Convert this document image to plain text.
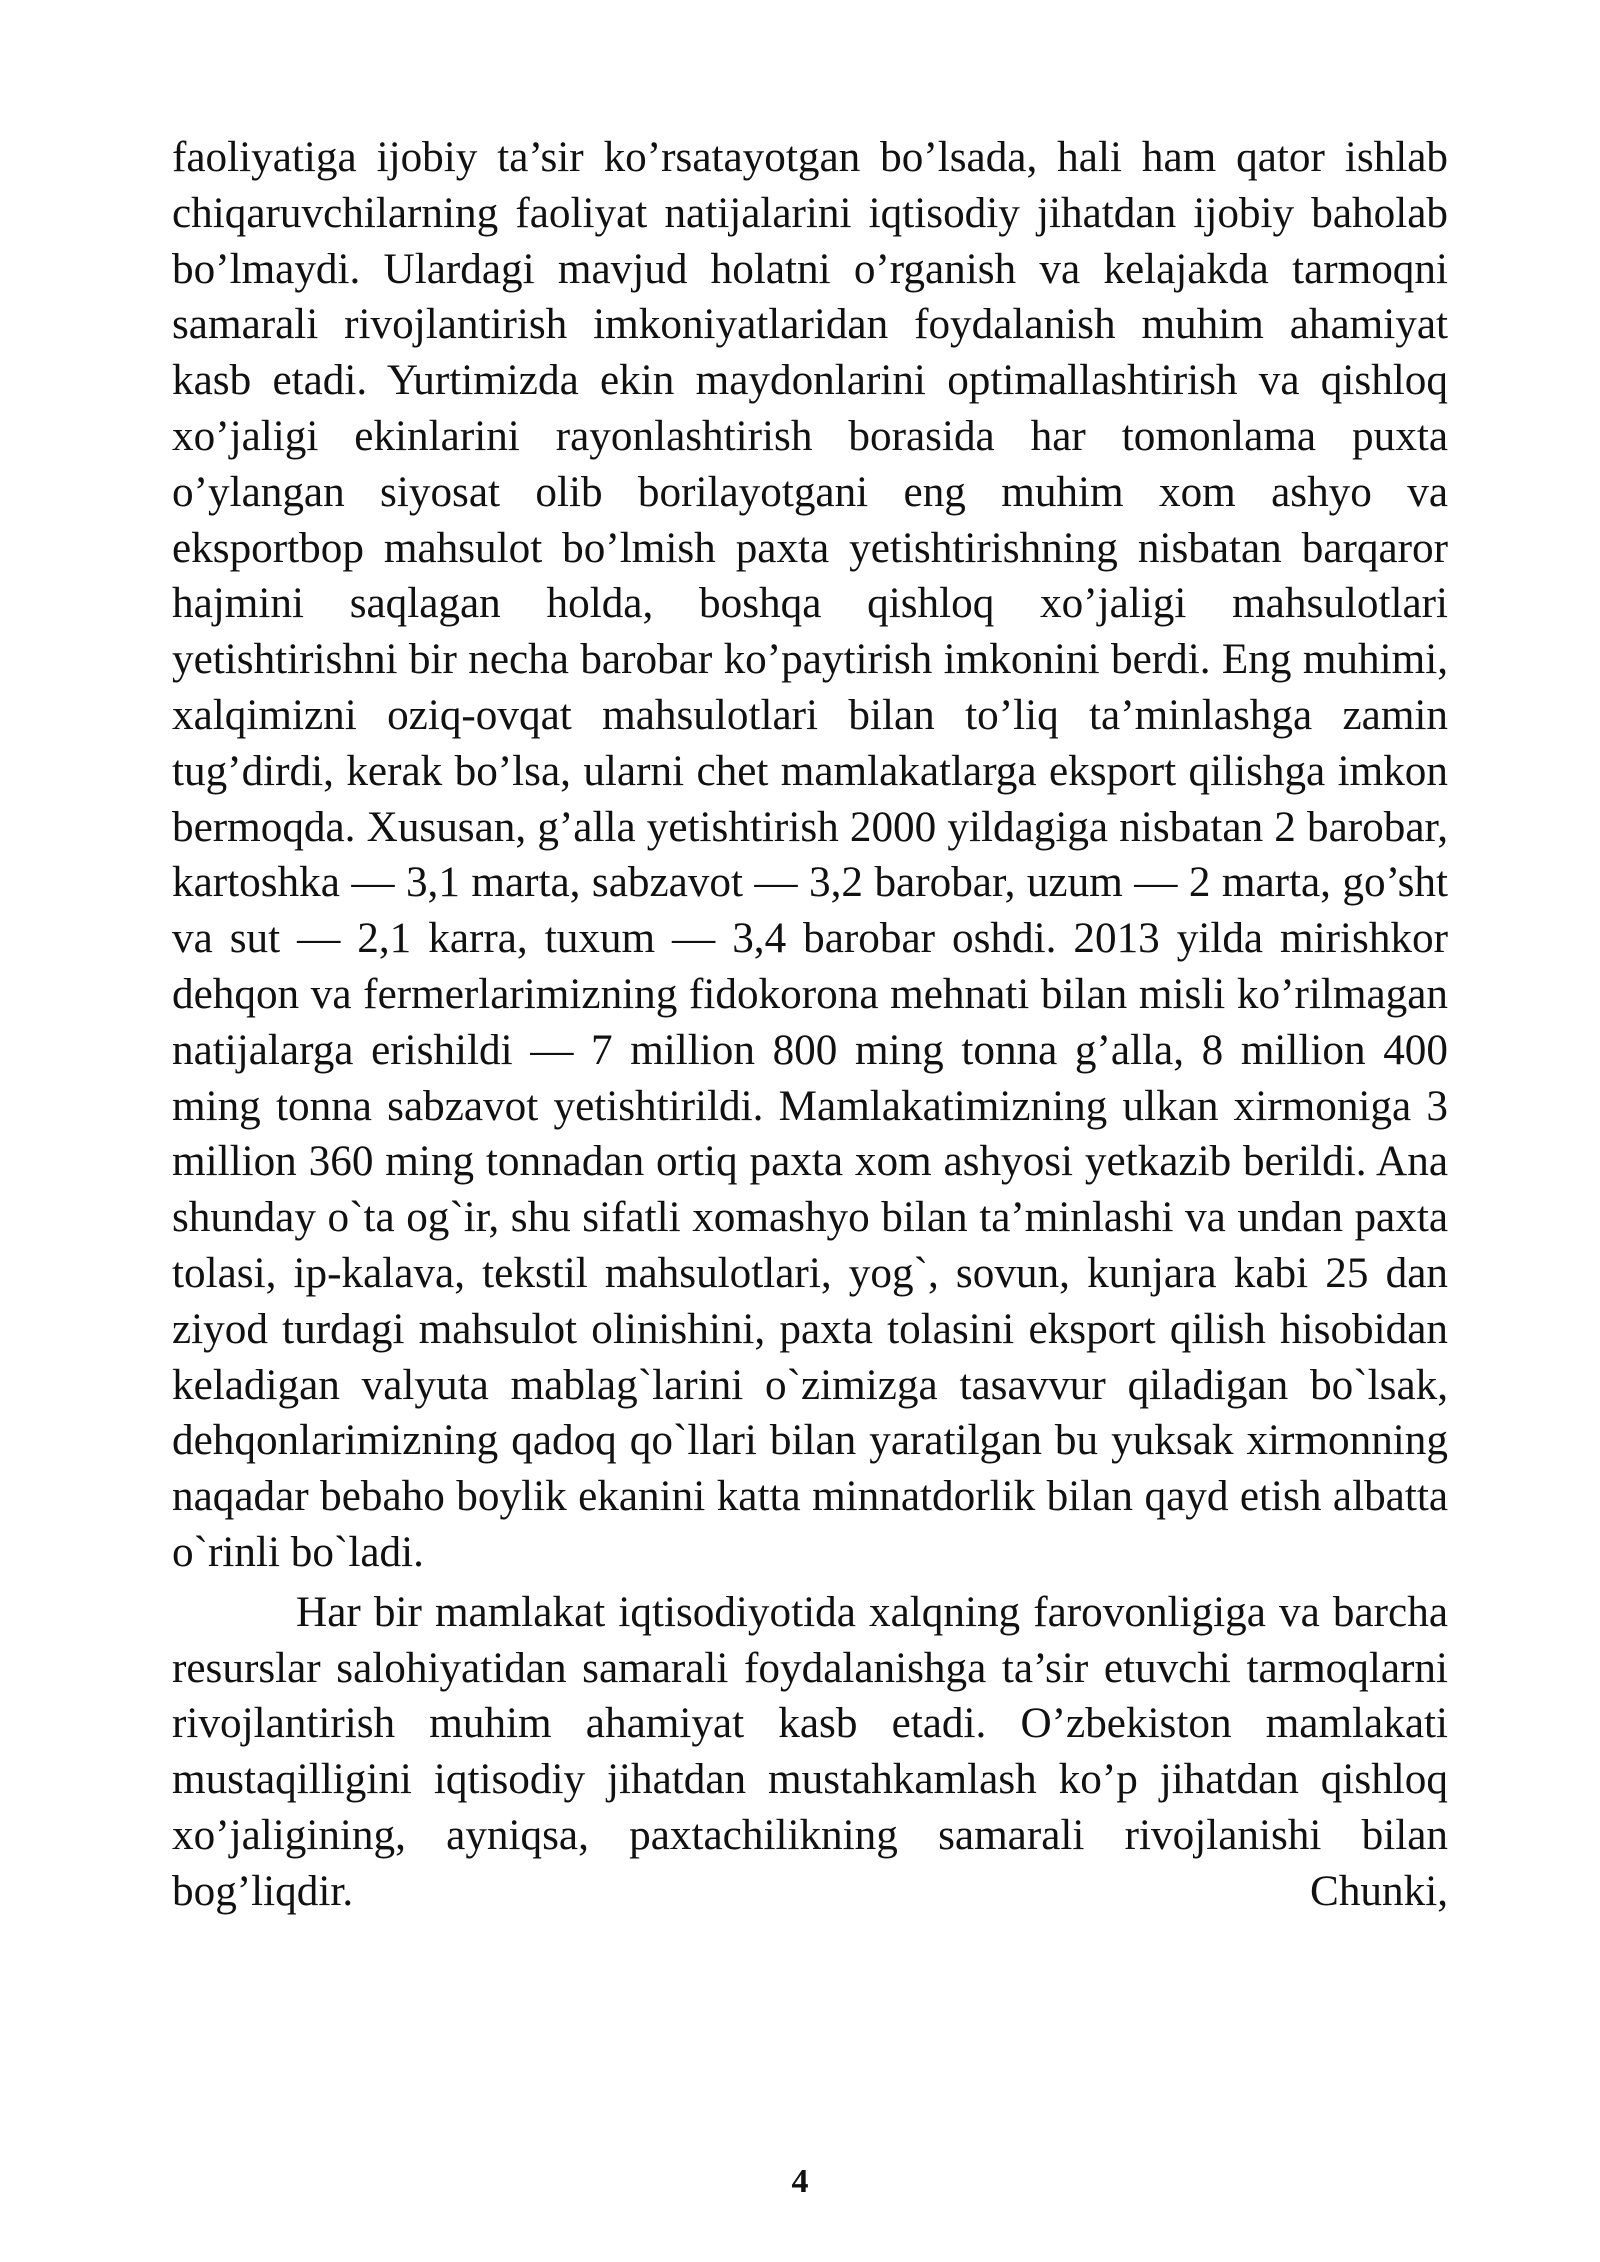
faoliyatiga ijobiy ta’sir ko’rsatayotgan bo’lsada, hali ham qator ishlab chiqaruvchilarning faoliyat natijalarini iqtisodiy jihatdan ijobiy baholab bo’lmaydi. Ulardagi mavjud holatni o’rganish va kelajakda tarmoqni samarali rivojlantirish imkoniyatlaridan foydalanish muhim ahamiyat kasb etadi. Yurtimizda ekin maydonlarini optimallashtirish va qishloq xo’jaligi ekinlarini rayonlashtirish borasida har tomonlama puxta o’ylangan siyosat olib borilayotgani eng muhim xom ashyo va eksportbop mahsulot bo’lmish paxta yetishtirishning nisbatan barqaror hajmini saqlagan holda, boshqa qishloq xo’jaligi mahsulotlari yetishtirishni bir necha barobar ko’paytirish imkonini berdi. Eng muhimi, xalqimizni oziq-ovqat mahsulotlari bilan to’liq ta’minlashga zamin tug’dirdi, kerak bo’lsa, ularni chet mamlakatlarga eksport qilishga imkon bermoqda. Xususan, g’alla yetishtirish 2000 yildagiga nisbatan 2 barobar, kartoshka — 3,1 marta, sabzavot — 3,2 barobar, uzum — 2 marta, go’sht va sut — 2,1 karra, tuxum — 3,4 barobar oshdi. 2013 yilda mirishkor dehqon va fermerlarimizning fidokorona mehnati bilan misli ko’rilmagan natijalarga erishildi — 7 million 800 ming tonna g’alla, 8 million 400 ming tonna sabzavot yetishtirildi. Mamlakatimizning ulkan xirmoniga 3 million 360 ming tonnadan ortiq paxta xom ashyosi yetkazib berildi. Ana shunday o`ta og`ir, shu sifatli xomashyo bilan ta’minlashi va undan paxta tolasi, ip-kalava, tekstil mahsulotlari, yog`, sovun, kunjara kabi 25 dan ziyod turdagi mahsulot olinishini, paxta tolasini eksport qilish hisobidan keladigan valyuta mablag`larini o`zimizga tasavvur qiladigan bo`lsak, dehqonlarimizning qadoq qo`llari bilan yaratilgan bu yuksak xirmonning naqadar bebaho boylik ekanini katta minnatdorlik bilan qayd etish albatta o`rinli bo`ladi.

Har bir mamlakat iqtisodiyotida xalqning farovonligiga va barcha resurslar salohiyatidan samarali foydalanishga ta’sir etuvchi tarmoqlarni rivojlantirish muhim ahamiyat kasb etadi. O’zbekiston mamlakati mustaqilligini iqtisodiy jihatdan mustahkamlash ko’p jihatdan qishloq xo’jaligining, ayniqsa, paxtachilikning samarali rivojlanishi bilan bog’liqdir. Chunki,

4
